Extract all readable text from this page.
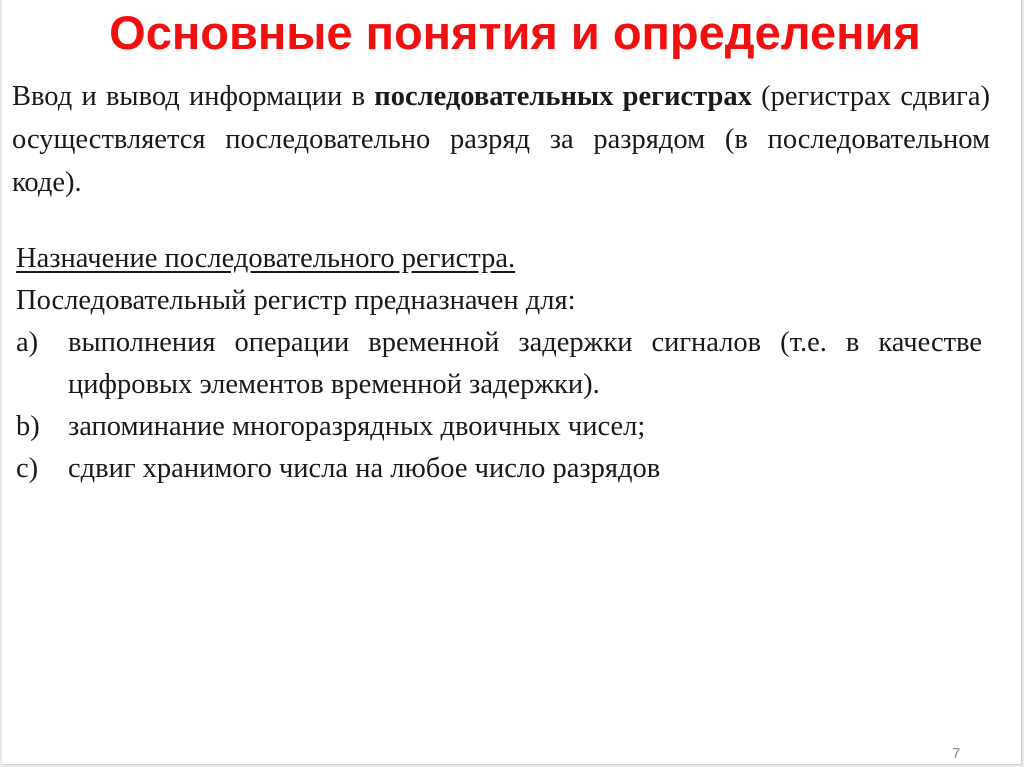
Основные понятия и определения

Ввод и вывод информации в последовательных регистрах (регистрах сдвига) осуществляется последовательно разряд за разрядом (в последовательном коде).

Назначение последовательного регистра.

Последовательный регистр предназначен для:

a)	выполнения операции временной задержки сигналов (т.е. в качестве цифровых элементов временной задержки).
b) запоминание многоразрядных двоичных чисел;
c)	сдвиг хранимого числа на любое число разрядов

7
